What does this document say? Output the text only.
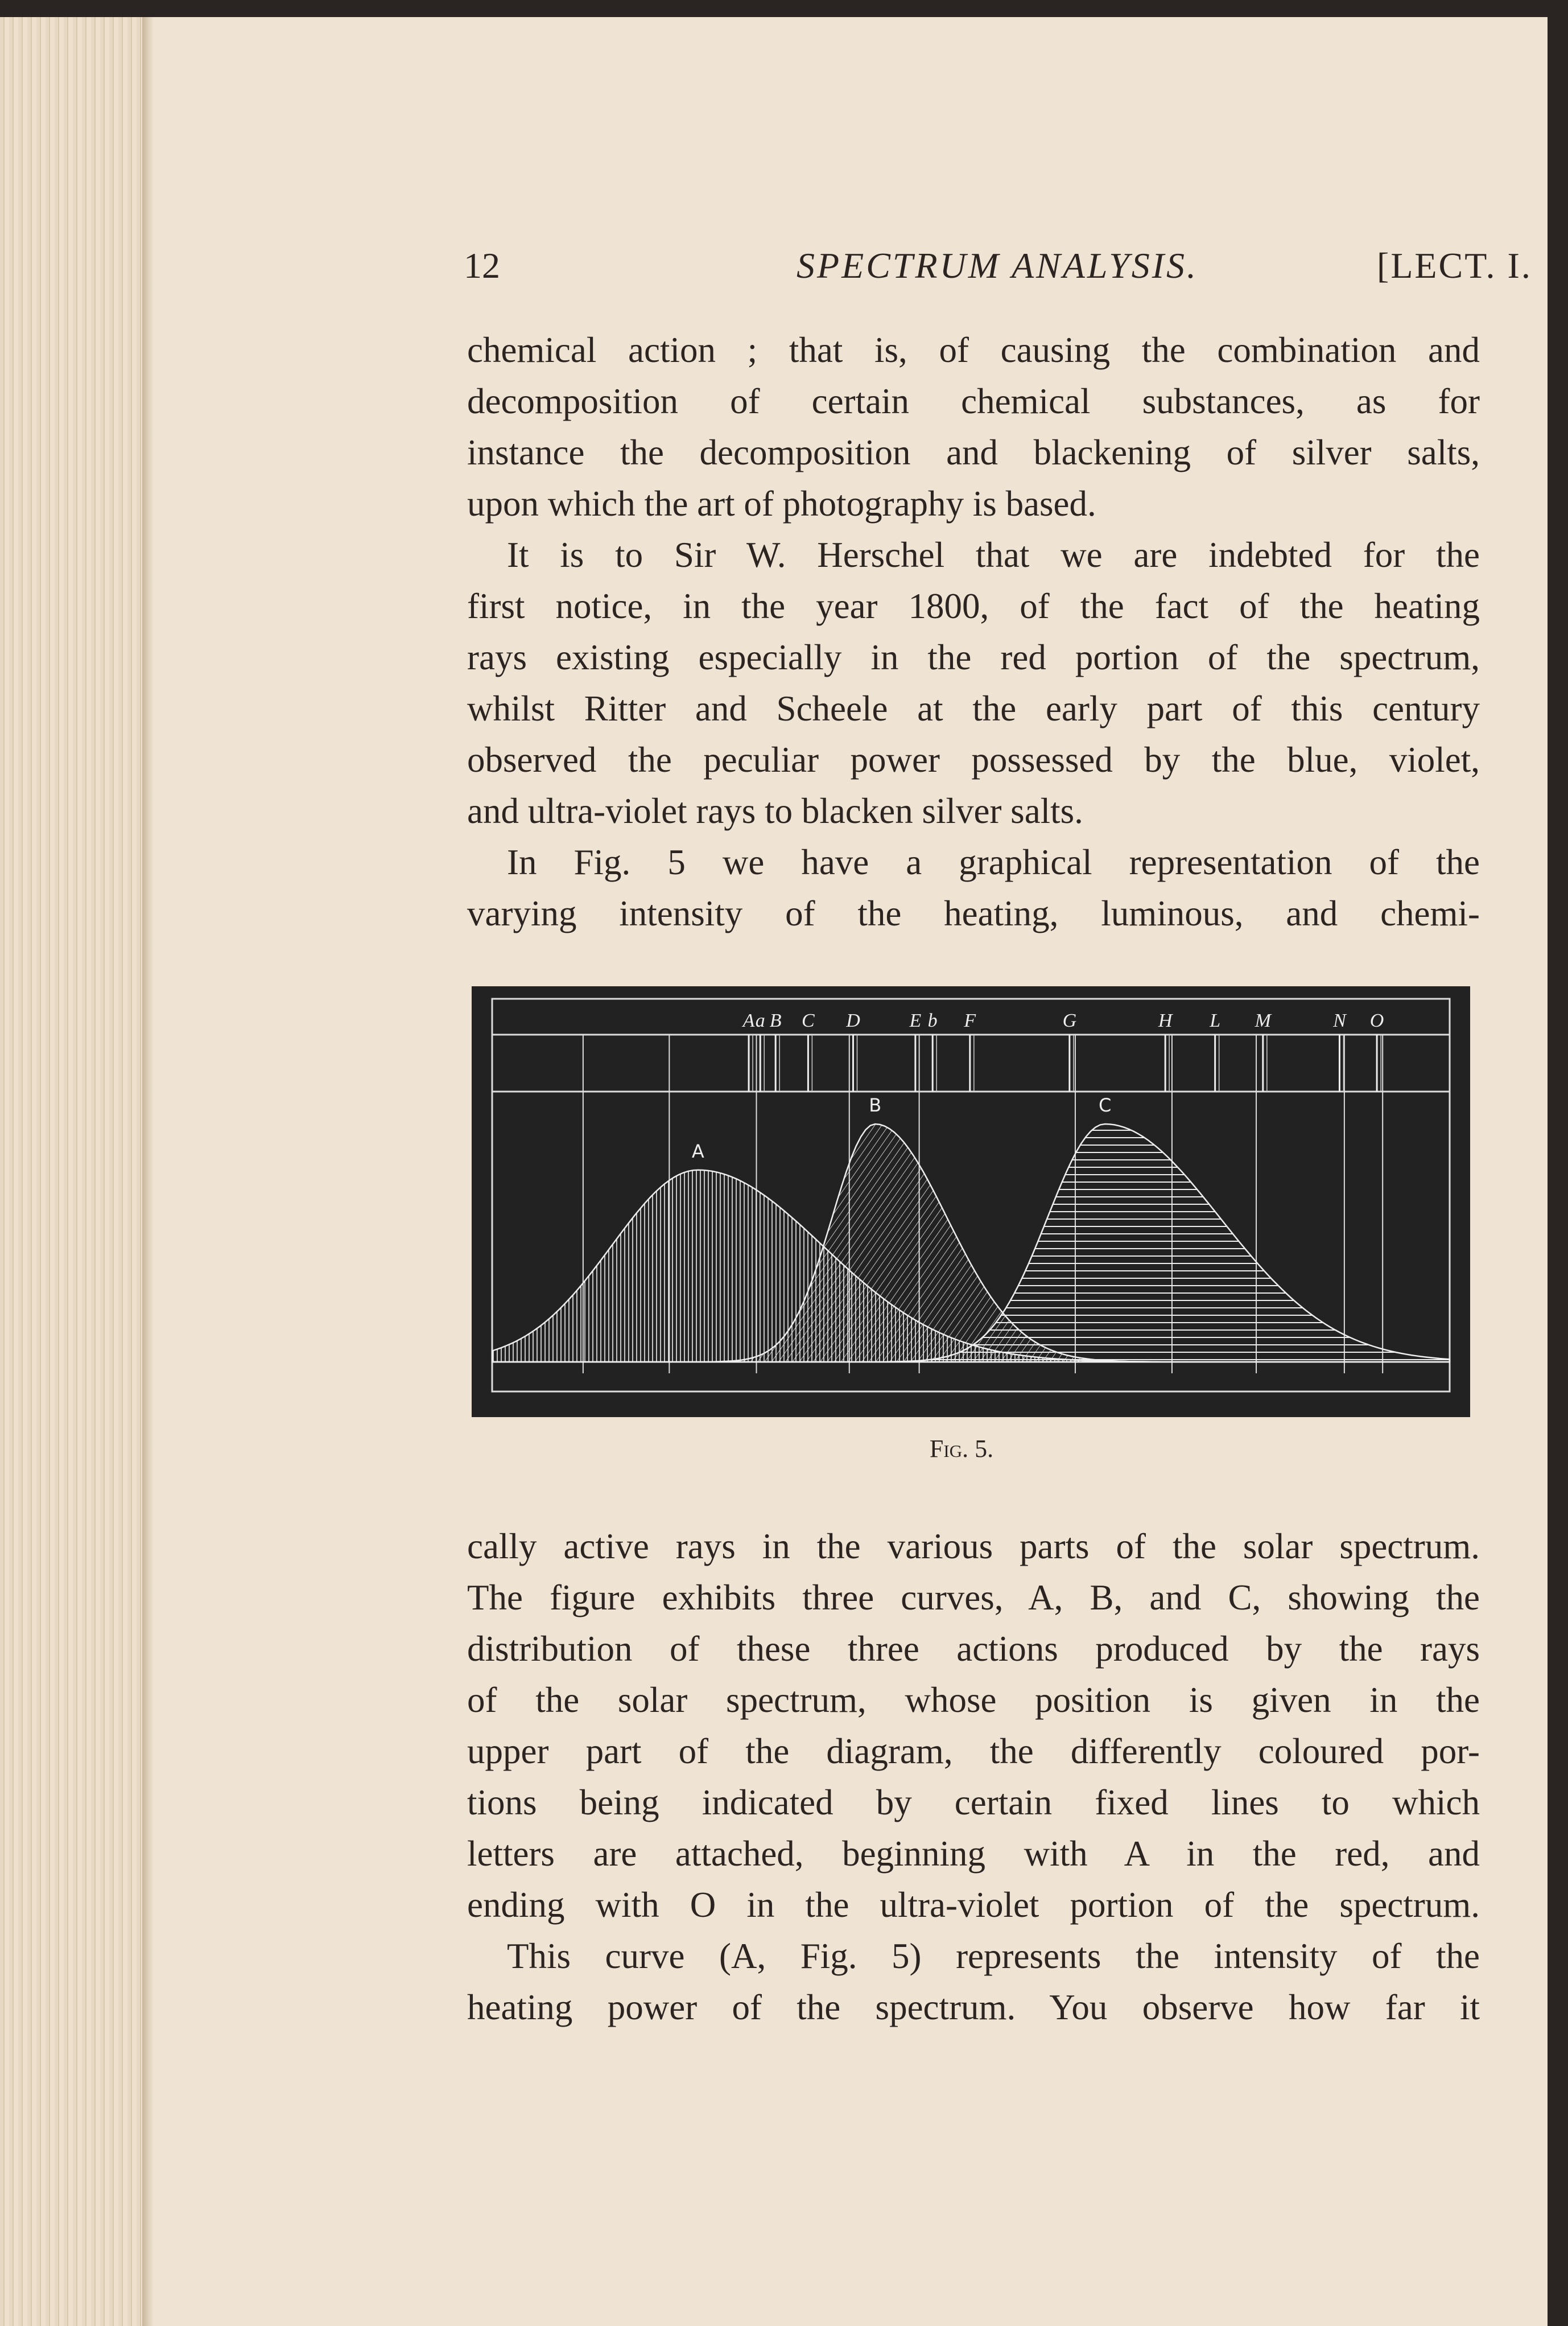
12	SPECTRUM ANALYSIS.	[LECT. I.
chemical action ; that is, of causing the combination and
decomposition of certain chemical substances, as for
instance the decomposition and blackening of silver salts,
upon which the art of photography is based.
It is to Sir W. Herschel that we are indebted for the
first notice, in the year 1800, of the fact of the heating
rays existing especially in the red portion of the spectrum,
whilst Ritter and Scheele at the early part of this century
observed the peculiar power possessed by the blue, violet,
and ultra-violet rays to blacken silver salts.
In Fig. 5 we have a graphical representation of the
varying intensity of the heating, luminous, and chemi-
A a B C D	E b F	G	H L M	N O
A
B	C
Fig. 5.
cally active rays in the various parts of the solar spectrum.
The figure exhibits three curves, A, B, and C, showing the
distribution of these three actions produced by the rays
of the solar spectrum, whose position is given in the
upper part of the diagram, the differently coloured por-
tions being indicated by certain fixed lines to which
letters are attached, beginning with A in the red, and
ending with O in the ultra-violet portion of the spectrum.
This curve (A, Fig. 5) represents the intensity of the
heating power of the spectrum. You observe how far it
